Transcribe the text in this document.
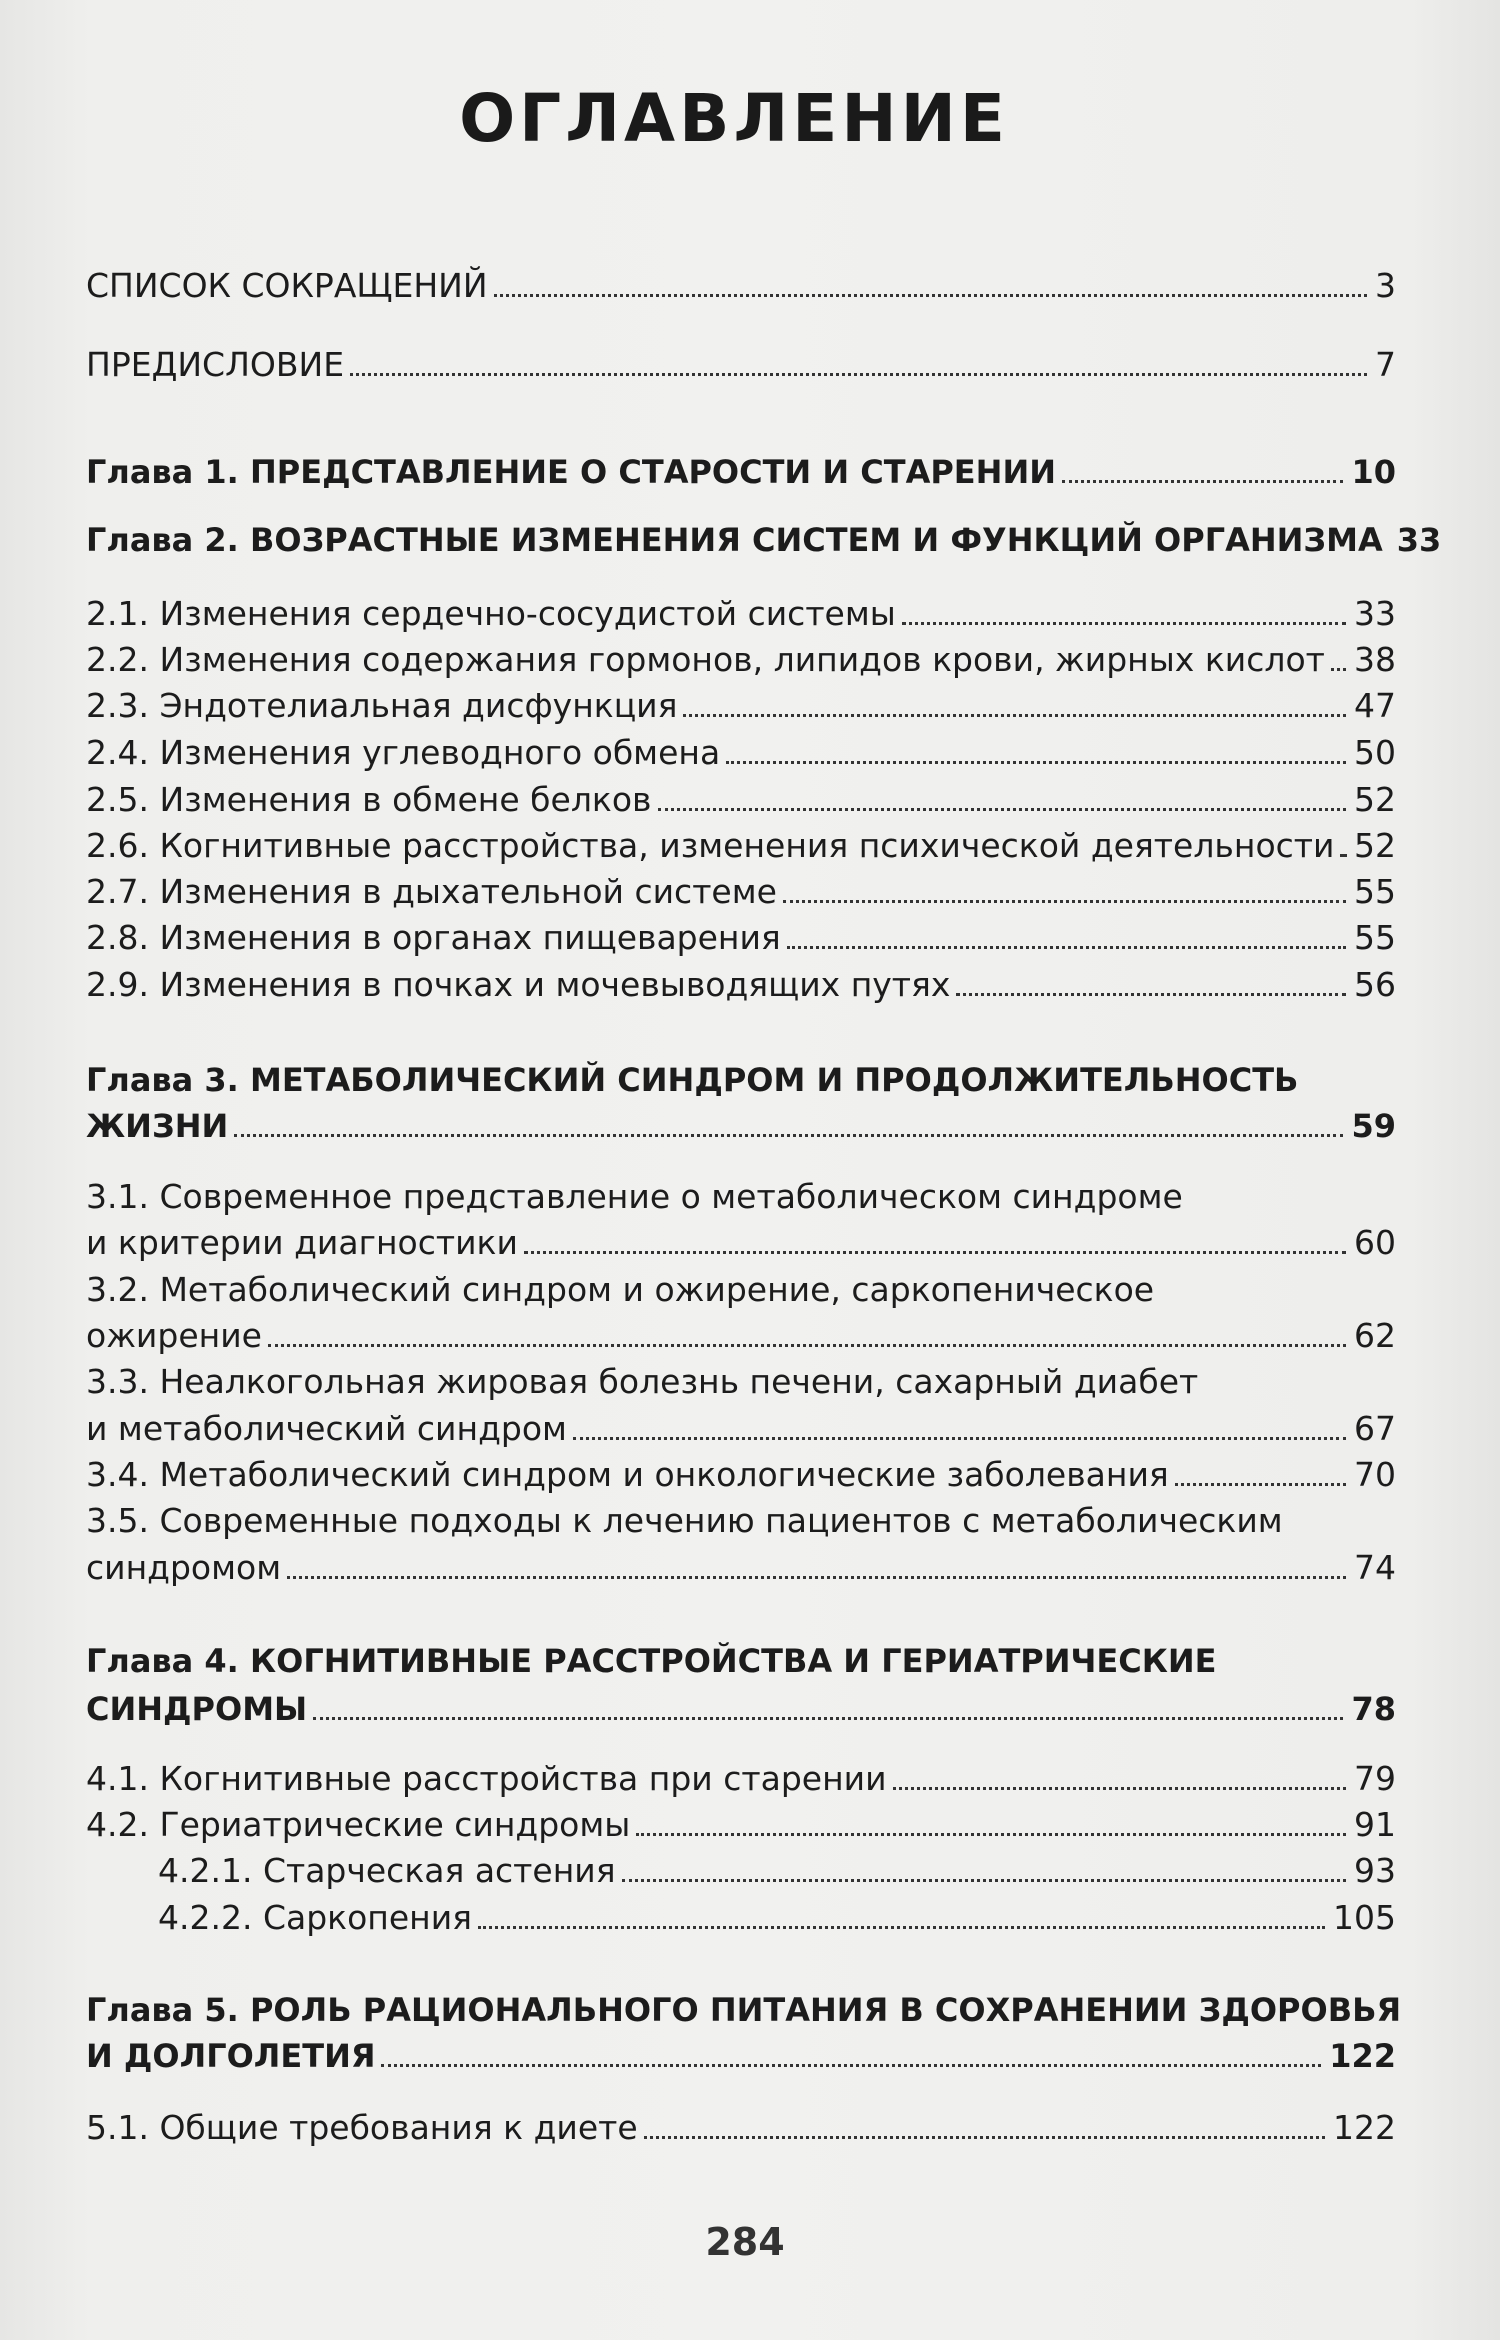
ОГЛАВЛЕНИЕ
СПИСОК СОКРАЩЕНИЙ	3
ПРЕДИСЛОВИЕ	7
Глава 1. ПРЕДСТАВЛЕНИЕ О СТАРОСТИ И СТАРЕНИИ	10
Глава 2. ВОЗРАСТНЫЕ ИЗМЕНЕНИЯ СИСТЕМ И ФУНКЦИЙ ОРГАНИЗМА 33
2.1. Изменения сердечно-сосудистой системы	33
2.2. Изменения содержания гормонов, липидов крови, жирных кислот 38
2.3. Эндотелиальная дисфункция	47
2.4. Изменения углеводного обмена	50
2.5. Изменения в обмене белков	52
2.6. Когнитивные расстройства, изменения психической деятельности 52
2.7. Изменения в дыхательной системе	55
2.8. Изменения в органах пищеварения	55
2.9. Изменения в почках и мочевыводящих путях	56
Глава 3. МЕТАБОЛИЧЕСКИЙ СИНДРОМ И ПРОДОЛЖИТЕЛЬНОСТЬ
ЖИЗНИ	59
3.1. Современное представление о метаболическом синдроме
и критерии диагностики	60
3.2. Метаболический синдром и ожирение, саркопеническое
ожирение	62
3.3. Неалкогольная жировая болезнь печени, сахарный диабет
и метаболический синдром	67
3.4. Метаболический синдром и онкологические заболевания	70
3.5. Современные подходы к лечению пациентов с метаболическим
синдромом	74
Глава 4. КОГНИТИВНЫЕ РАССТРОЙСТВА И ГЕРИАТРИЧЕСКИЕ
СИНДРОМЫ	78
4.1. Когнитивные расстройства при старении	79
4.2. Гериатрические синдромы	91
4.2.1. Старческая астения	93
4.2.2. Саркопения	105
Глава 5. РОЛЬ РАЦИОНАЛЬНОГО ПИТАНИЯ В СОХРАНЕНИИ ЗДОРОВЬЯ
И ДОЛГОЛЕТИЯ	122
5.1. Общие требования к диете	122
284
